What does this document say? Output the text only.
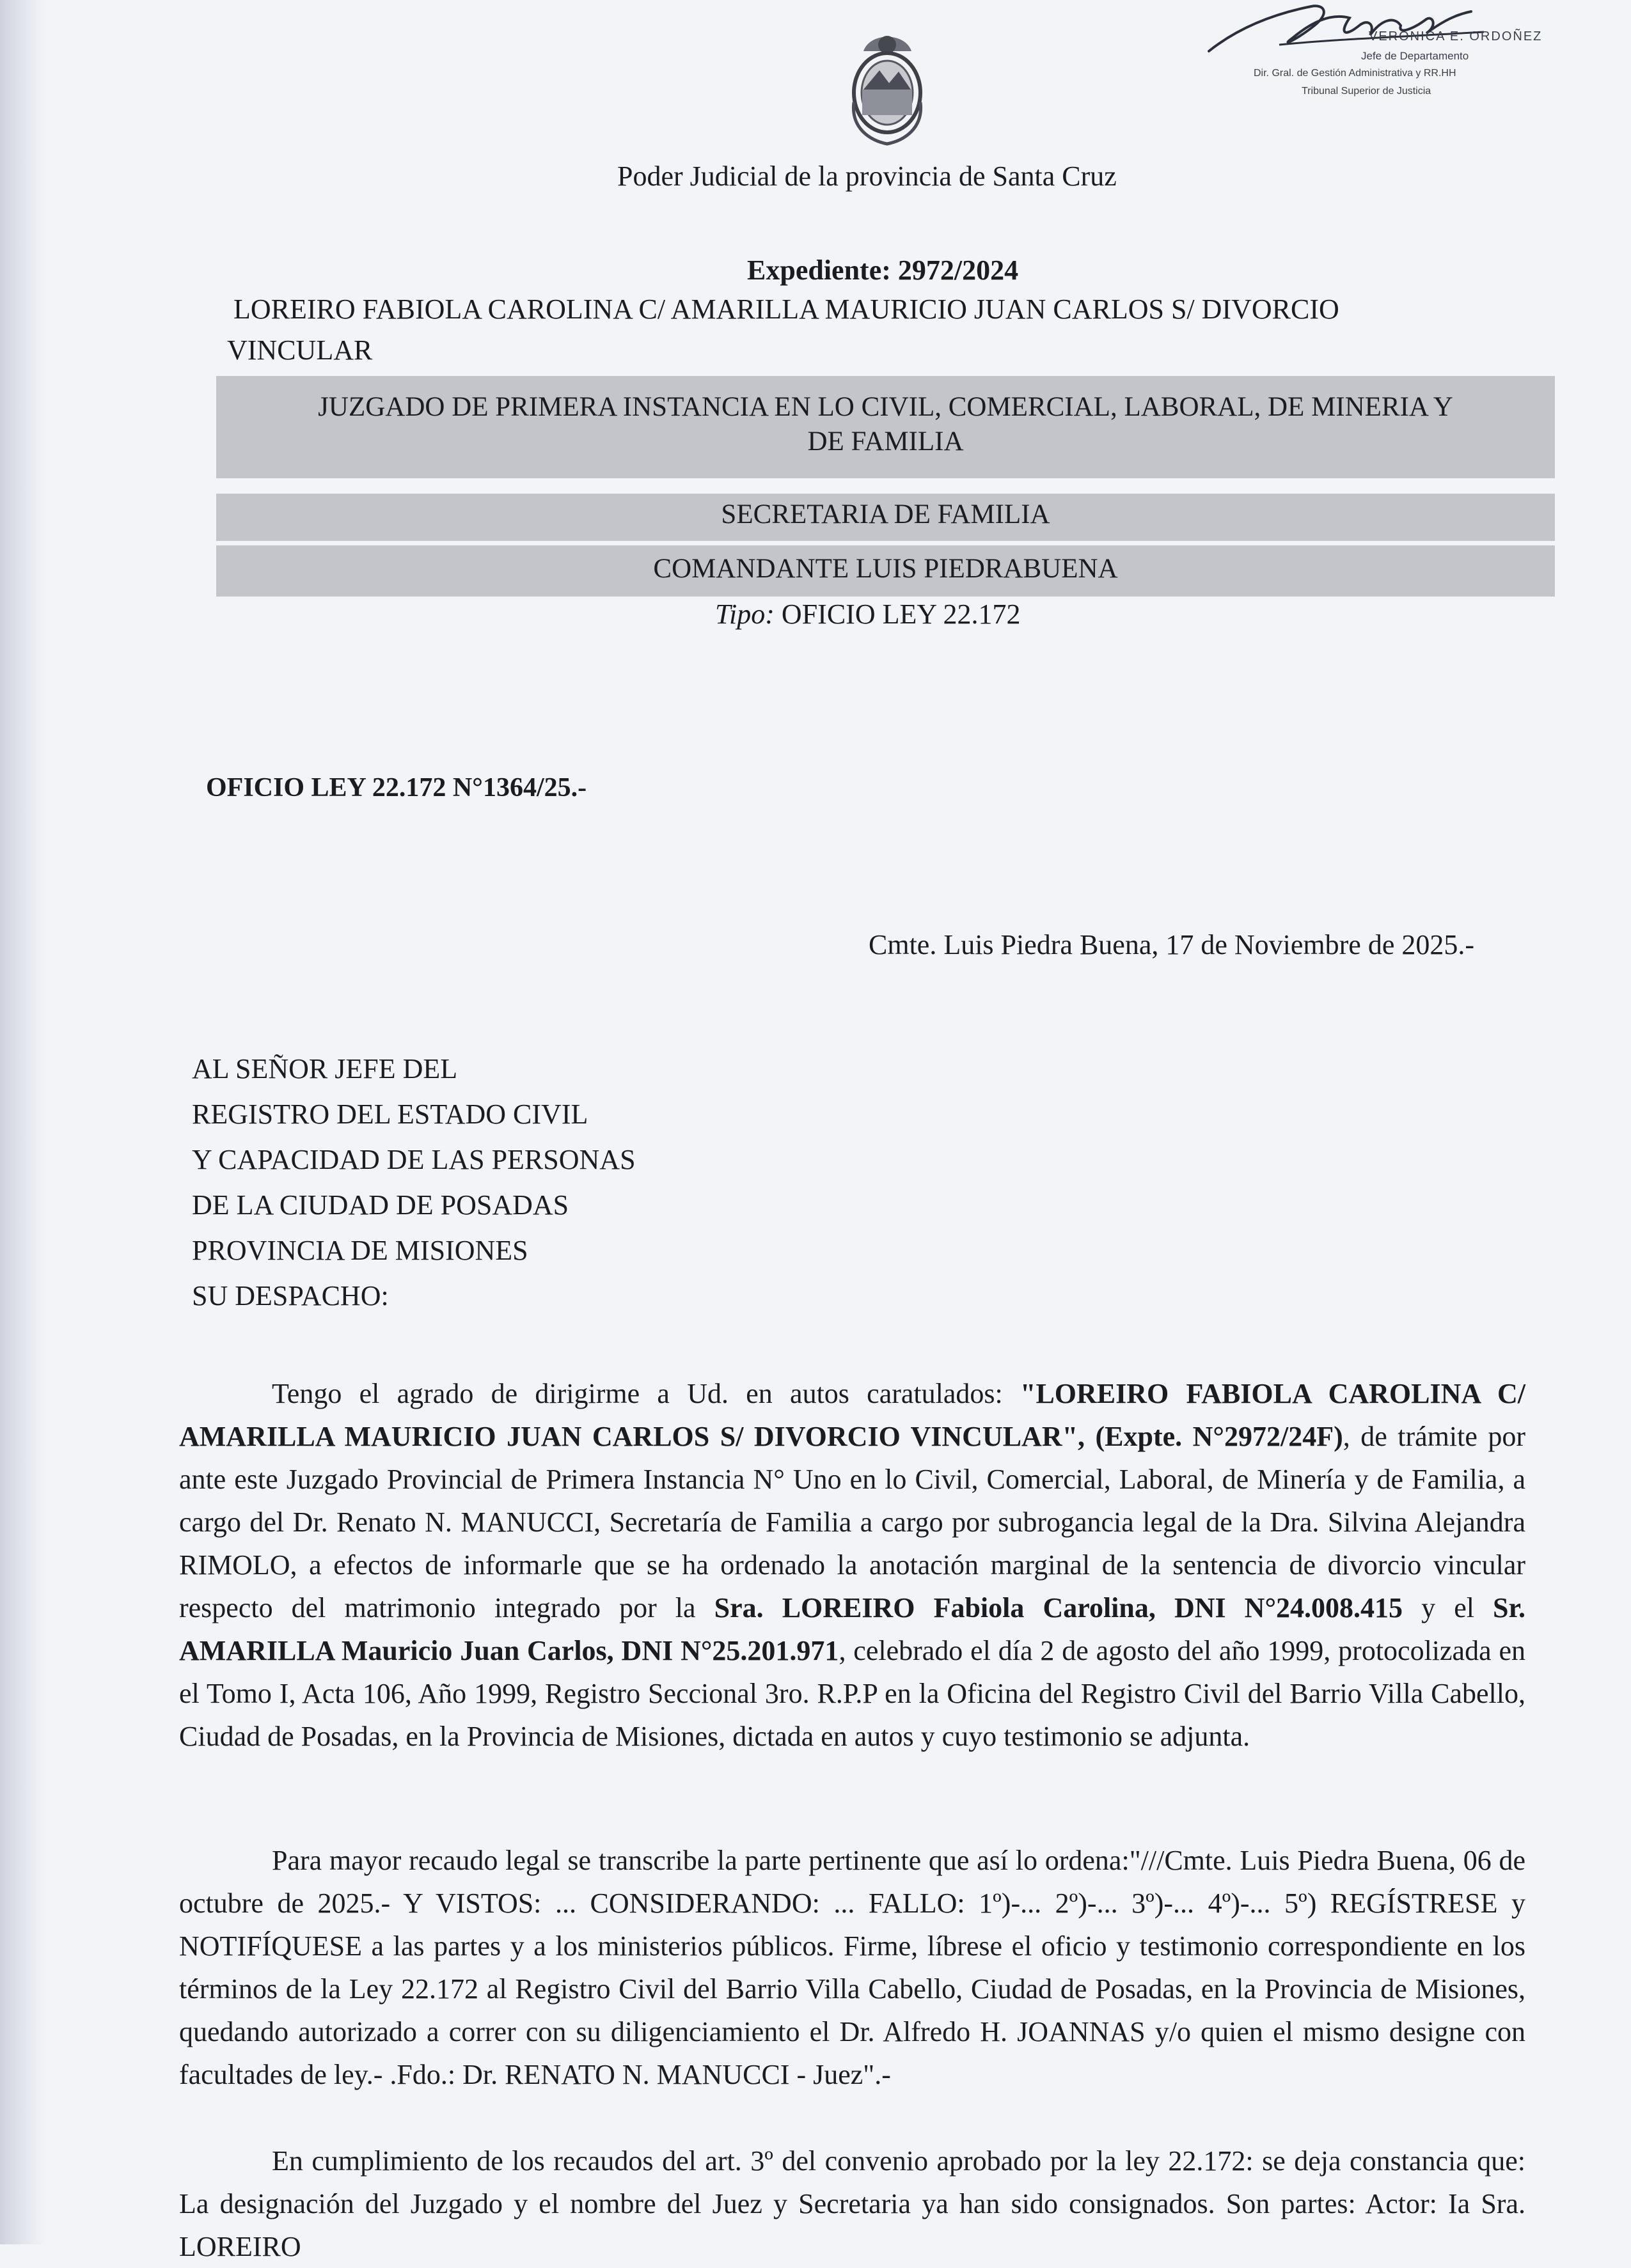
VERONICA E. ORDOÑEZ
Jefe de Departamento
Dir. Gral. de Gestión Administrativa y RR.HH
Tribunal Superior de Justicia
Poder Judicial de la provincia de Santa Cruz
Expediente: 2972/2024
LOREIRO FABIOLA CAROLINA C/ AMARILLA MAURICIO JUAN CARLOS S/ DIVORCIO
VINCULAR
JUZGADO DE PRIMERA INSTANCIA EN LO CIVIL, COMERCIAL, LABORAL, DE MINERIA Y
DE FAMILIA
SECRETARIA DE FAMILIA
COMANDANTE LUIS PIEDRABUENA
Tipo: OFICIO LEY 22.172
OFICIO LEY 22.172 N°1364/25.-
Cmte. Luis Piedra Buena, 17 de Noviembre de 2025.-
AL SEÑOR JEFE DEL
REGISTRO DEL ESTADO CIVIL
Y CAPACIDAD DE LAS PERSONAS
DE LA CIUDAD DE POSADAS
PROVINCIA DE MISIONES
SU DESPACHO:
Tengo el agrado de dirigirme a Ud. en autos caratulados: "LOREIRO FABIOLA CAROLINA C/ AMARILLA MAURICIO JUAN CARLOS S/ DIVORCIO VINCULAR", (Expte. N°2972/24F), de trámite por ante este Juzgado Provincial de Primera Instancia N° Uno en lo Civil, Comercial, Laboral, de Minería y de Familia, a cargo del Dr. Renato N. MANUCCI, Secretaría de Familia a cargo por subrogancia legal de la Dra. Silvina Alejandra RIMOLO, a efectos de informarle que se ha ordenado la anotación marginal de la sentencia de divorcio vincular respecto del matrimonio integrado por la Sra. LOREIRO Fabiola Carolina, DNI N°24.008.415 y el Sr. AMARILLA Mauricio Juan Carlos, DNI N°25.201.971, celebrado el día 2 de agosto del año 1999, protocolizada en el Tomo I, Acta 106, Año 1999, Registro Seccional 3ro. R.P.P en la Oficina del Registro Civil del Barrio Villa Cabello, Ciudad de Posadas, en la Provincia de Misiones, dictada en autos y cuyo testimonio se adjunta.
Para mayor recaudo legal se transcribe la parte pertinente que así lo ordena:"///Cmte. Luis Piedra Buena, 06 de octubre de 2025.- Y VISTOS: ... CONSIDERANDO: ... FALLO: 1º)-... 2º)-... 3º)-... 4º)-... 5º) REGÍSTRESE y NOTIFÍQUESE a las partes y a los ministerios públicos. Firme, líbrese el oficio y testimonio correspondiente en los términos de la Ley 22.172 al Registro Civil del Barrio Villa Cabello, Ciudad de Posadas, en la Provincia de Misiones, quedando autorizado a correr con su diligenciamiento el Dr. Alfredo H. JOANNAS y/o quien el mismo designe con facultades de ley.- .Fdo.: Dr. RENATO N. MANUCCI - Juez".-
En cumplimiento de los recaudos del art. 3º del convenio aprobado por la ley 22.172: se deja constancia que: La designación del Juzgado y el nombre del Juez y Secretaria ya han sido consignados. Son partes: Actor: Ia Sra. LOREIRO
